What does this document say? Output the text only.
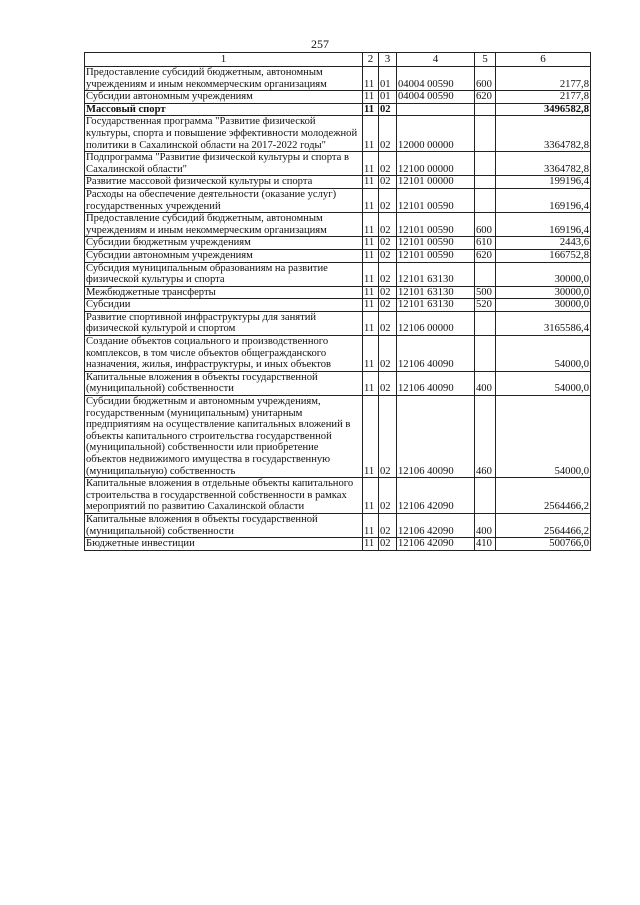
257
1	2	3	4	5	6
Предоставление субсидий бюджетным, автономным учреждениям и иным некоммерческим организациям	11	01	04004 00590	600	2177,8
Субсидии автономным учреждениям	11	01	04004 00590	620	2177,8
Массовый спорт	11	02			3496582,8
Государственная программа "Развитие физической культуры, спорта и повышение эффективности молодежной политики в Сахалинской области на 2017-2022 годы"	11	02	12000 00000		3364782,8
Подпрограмма "Развитие физической культуры и спорта в Сахалинской области"	11	02	12100 00000		3364782,8
Развитие массовой физической культуры и спорта	11	02	12101 00000		199196,4
Расходы на обеспечение деятельности (оказание услуг) государственных учреждений	11	02	12101 00590		169196,4
Предоставление субсидий бюджетным, автономным учреждениям и иным некоммерческим организациям	11	02	12101 00590	600	169196,4
Субсидии бюджетным учреждениям	11	02	12101 00590	610	2443,6
Субсидии автономным учреждениям	11	02	12101 00590	620	166752,8
Субсидия муниципальным образованиям на развитие физической культуры и спорта	11	02	12101 63130		30000,0
Межбюджетные трансферты	11	02	12101 63130	500	30000,0
Субсидии	11	02	12101 63130	520	30000,0
Развитие спортивной инфраструктуры для занятий физической культурой и спортом	11	02	12106 00000		3165586,4
Создание объектов социального и производственного комплексов, в том числе объектов общегражданского назначения, жилья, инфраструктуры, и иных объектов	11	02	12106 40090		54000,0
Капитальные вложения в объекты государственной (муниципальной) собственности	11	02	12106 40090	400	54000,0
Субсидии бюджетным и автономным учреждениям, государственным (муниципальным) унитарным предприятиям на осуществление капитальных вложений в объекты капитального строительства государственной (муниципальной) собственности или приобретение объектов недвижимого имущества в государственную (муниципальную) собственность	11	02	12106 40090	460	54000,0
Капитальные вложения в отдельные объекты капитального строительства в государственной собственности в рамках мероприятий по развитию Сахалинской области	11	02	12106 42090		2564466,2
Капитальные вложения в объекты государственной (муниципальной) собственности	11	02	12106 42090	400	2564466,2
Бюджетные инвестиции	11	02	12106 42090	410	500766,0
